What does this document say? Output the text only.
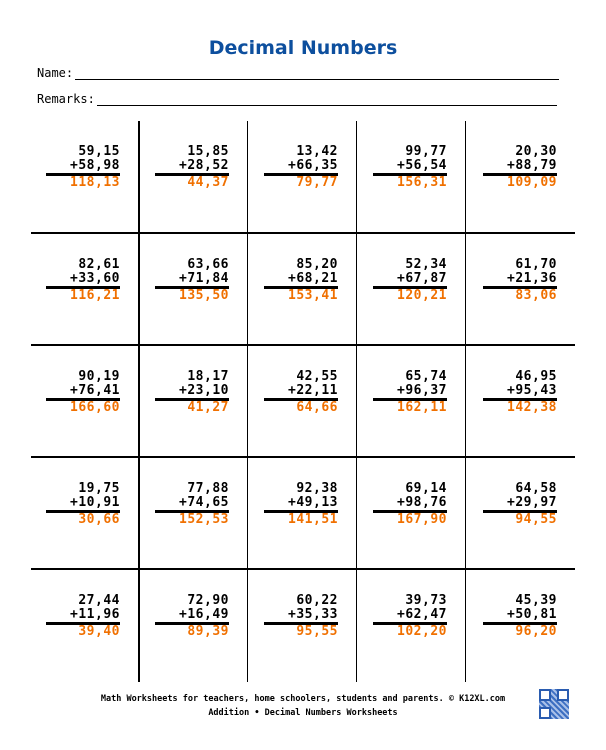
Decimal Numbers
Name:
Remarks:
59,15
+58,98
118,13
15,85
+28,52
44,37
13,42
+66,35
79,77
99,77
+56,54
156,31
20,30
+88,79
109,09
82,61
+33,60
116,21
63,66
+71,84
135,50
85,20
+68,21
153,41
52,34
+67,87
120,21
61,70
+21,36
83,06
90,19
+76,41
166,60
18,17
+23,10
41,27
42,55
+22,11
64,66
65,74
+96,37
162,11
46,95
+95,43
142,38
19,75
+10,91
30,66
77,88
+74,65
152,53
92,38
+49,13
141,51
69,14
+98,76
167,90
64,58
+29,97
94,55
27,44
+11,96
39,40
72,90
+16,49
89,39
60,22
+35,33
95,55
39,73
+62,47
102,20
45,39
+50,81
96,20
Math Worksheets for teachers, home schoolers, students and parents. © K12XL.com
Addition • Decimal Numbers Worksheets
